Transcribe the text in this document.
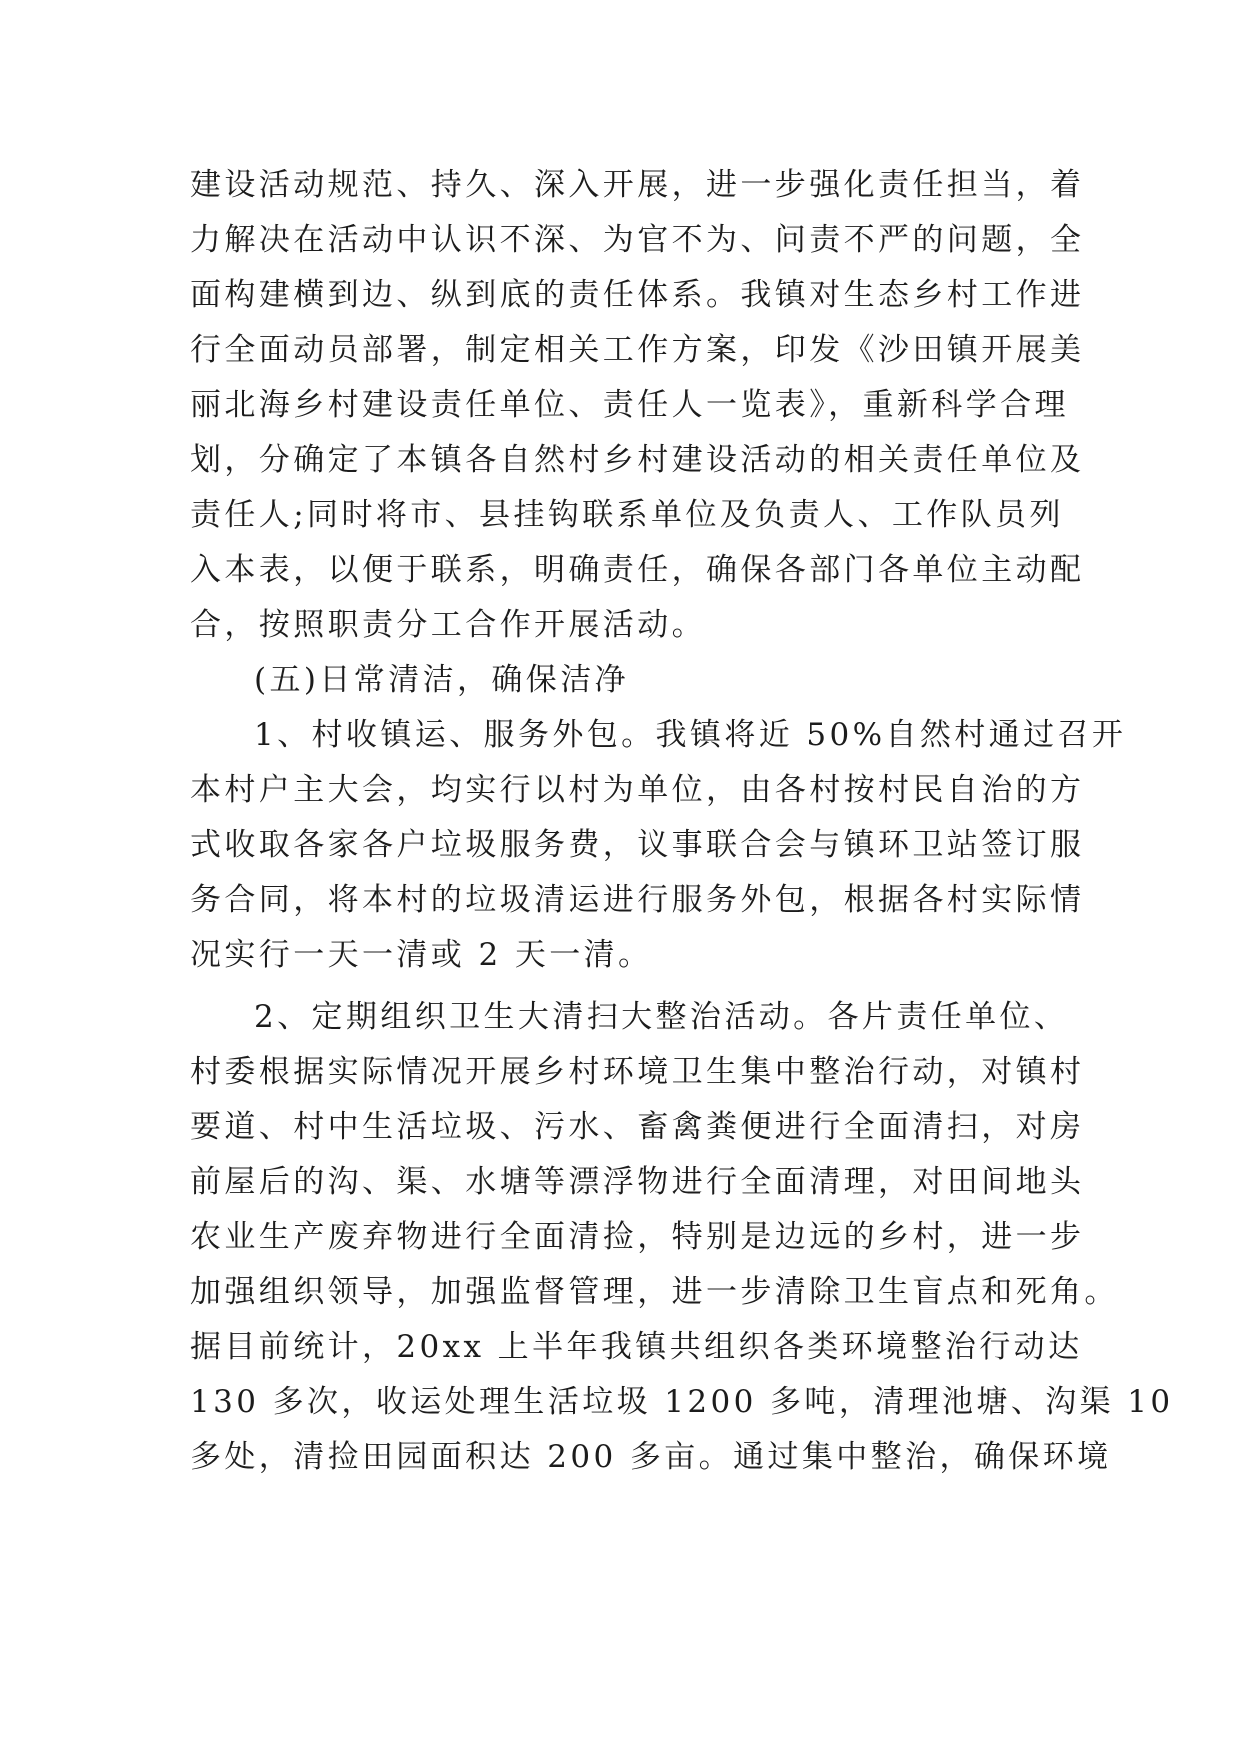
建设活动规范、持久、深入开展，进一步强化责任担当，着
力解决在活动中认识不深、为官不为、问责不严的问题，全
面构建横到边、纵到底的责任体系。我镇对生态乡村工作进
行全面动员部署，制定相关工作方案，印发《沙田镇开展美
丽北海乡村建设责任单位、责任人一览表》，重新科学合理
划，分确定了本镇各自然村乡村建设活动的相关责任单位及
责任人;同时将市、县挂钩联系单位及负责人、工作队员列
入本表，以便于联系，明确责任，确保各部门各单位主动配
合，按照职责分工合作开展活动。
(五)日常清洁，确保洁净
1、村收镇运、服务外包。我镇将近 50%自然村通过召开
本村户主大会，均实行以村为单位，由各村按村民自治的方
式收取各家各户垃圾服务费，议事联合会与镇环卫站签订服
务合同，将本村的垃圾清运进行服务外包，根据各村实际情
况实行一天一清或 2 天一清。
2、定期组织卫生大清扫大整治活动。各片责任单位、
村委根据实际情况开展乡村环境卫生集中整治行动，对镇村
要道、村中生活垃圾、污水、畜禽粪便进行全面清扫，对房
前屋后的沟、渠、水塘等漂浮物进行全面清理，对田间地头
农业生产废弃物进行全面清捡，特别是边远的乡村，进一步
加强组织领导，加强监督管理，进一步清除卫生盲点和死角。
据目前统计，20xx 上半年我镇共组织各类环境整治行动达
130 多次，收运处理生活垃圾 1200 多吨，清理池塘、沟渠 10
多处，清捡田园面积达 200 多亩。通过集中整治，确保环境
